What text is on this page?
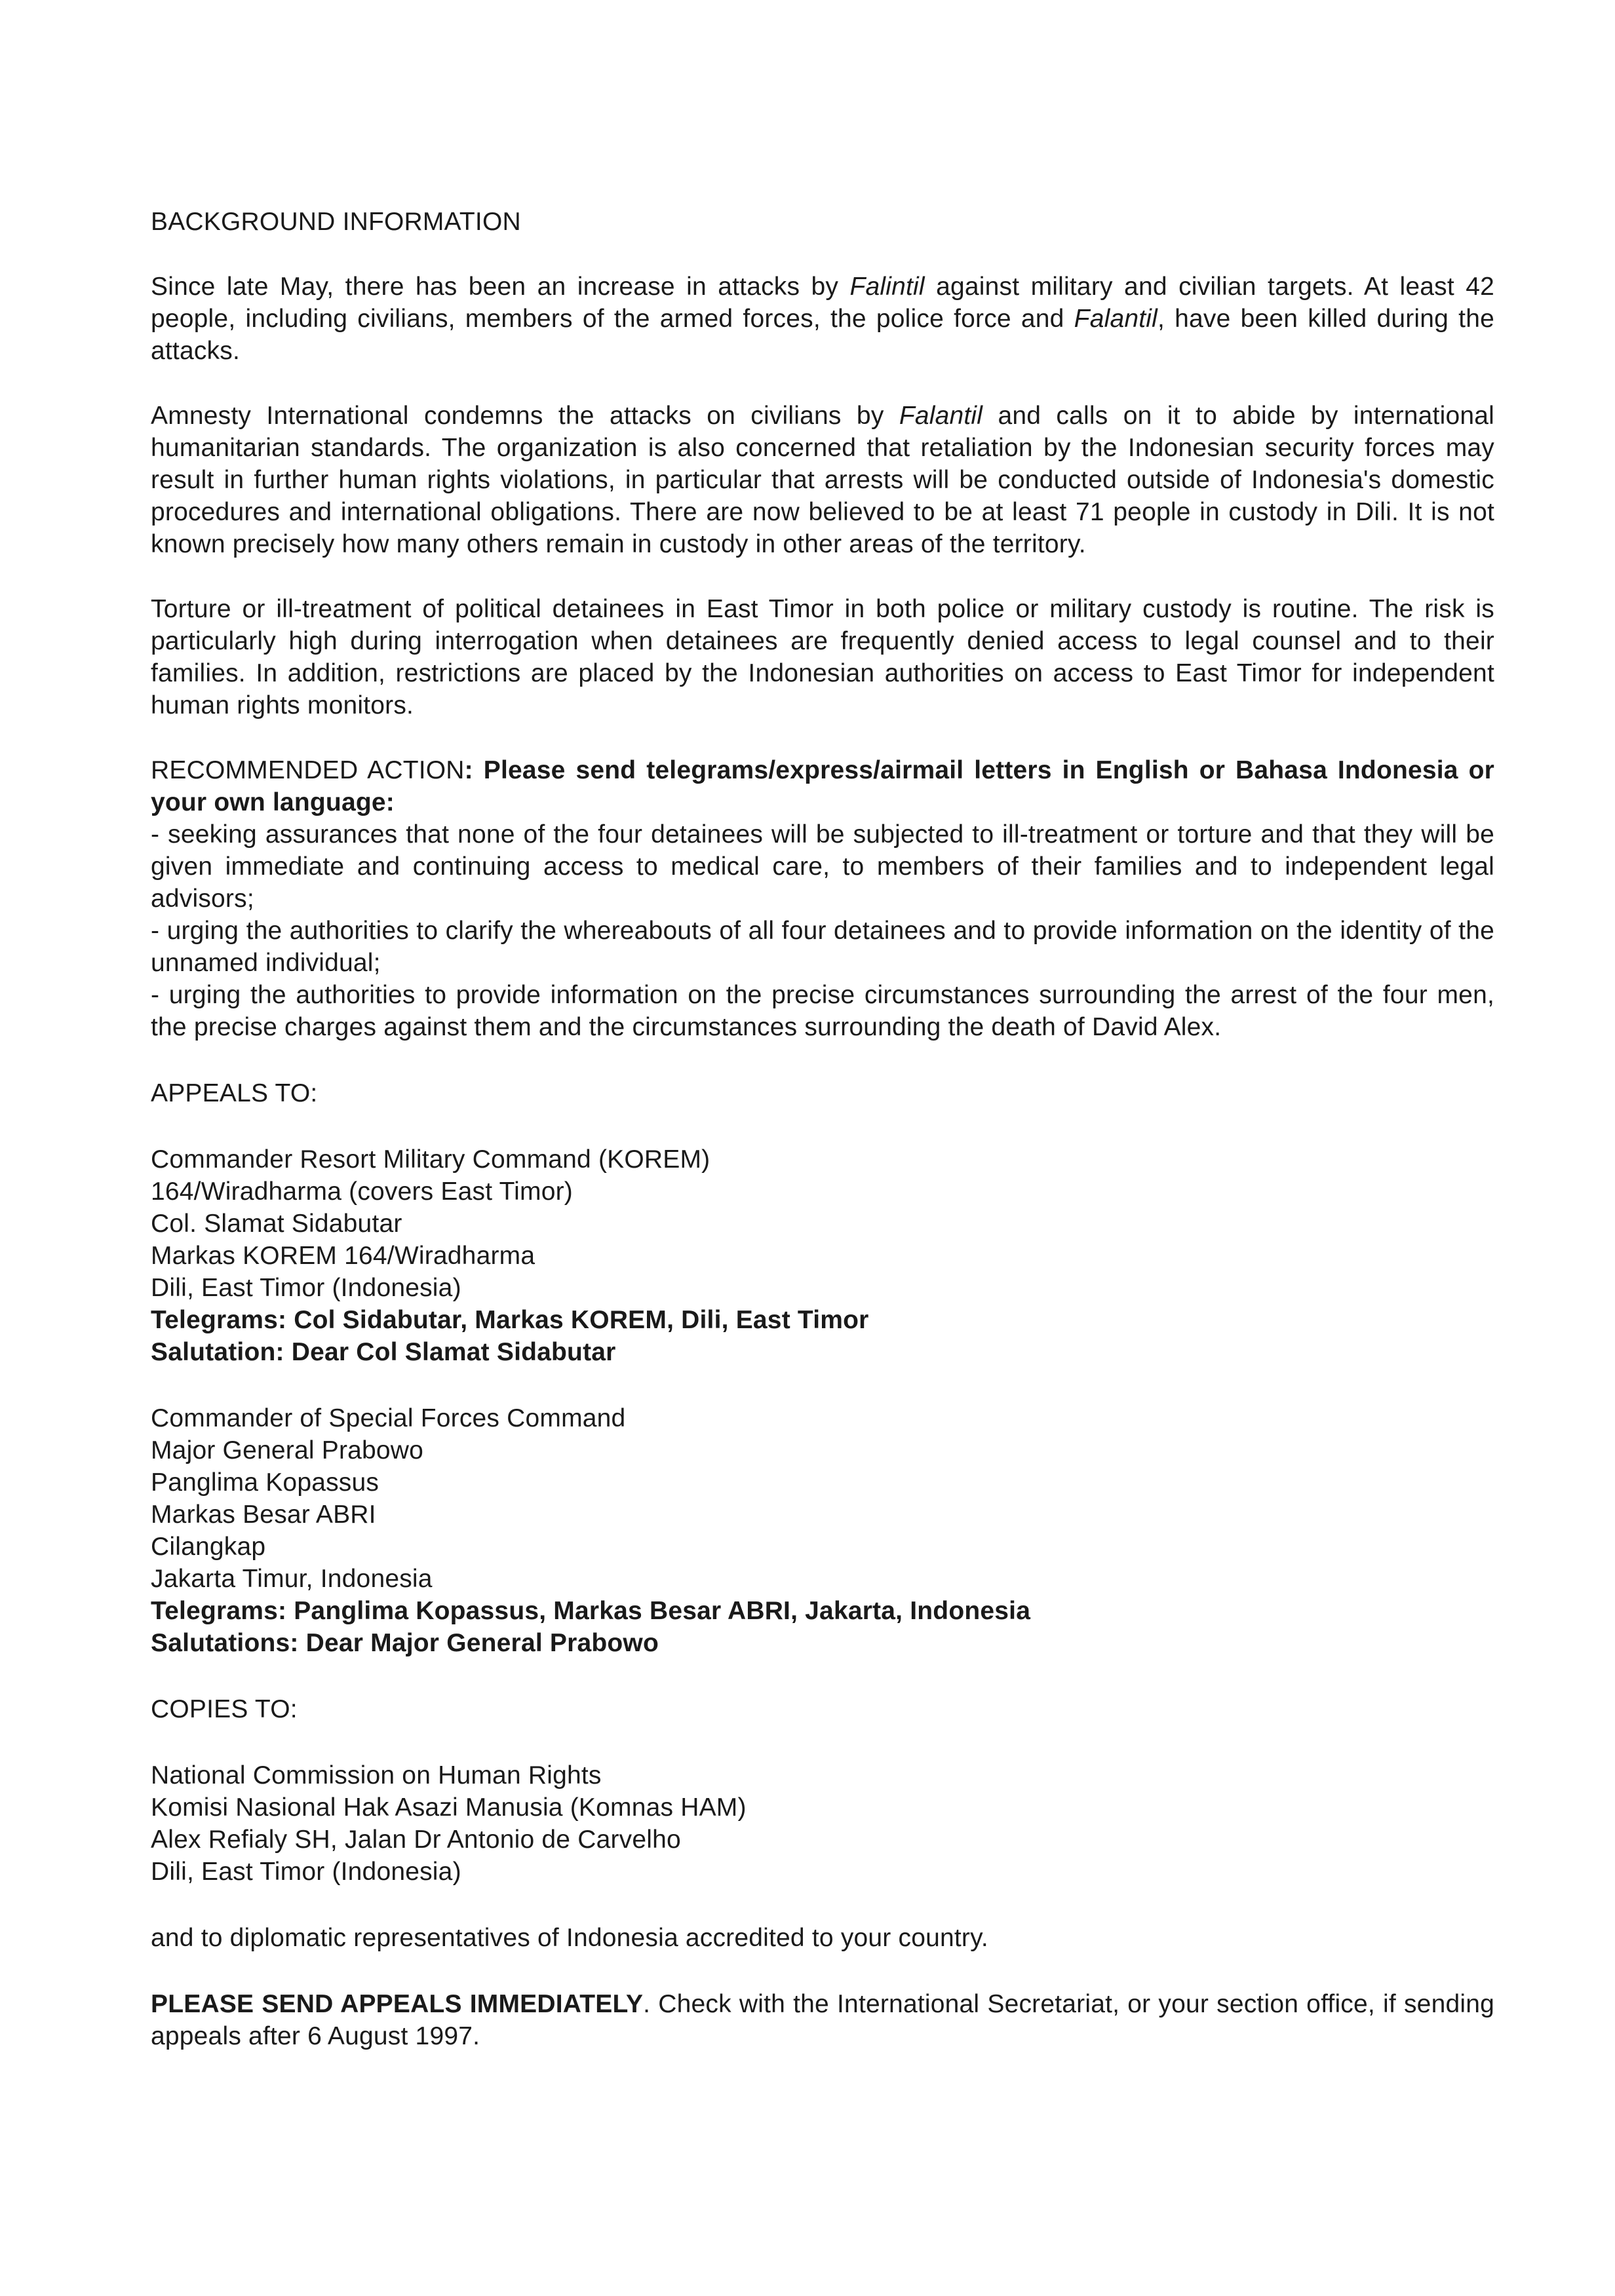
BACKGROUND INFORMATION

Since late May, there has been an increase in attacks by Falintil against military and civilian targets. At least 42 people, including civilians, members of the armed forces, the police force and Falantil, have been killed during the attacks.

Amnesty International condemns the attacks on civilians by Falantil and calls on it to abide by international humanitarian standards. The organization is also concerned that retaliation by the Indonesian security forces may result in further human rights violations, in particular that arrests will be conducted outside of Indonesia's domestic procedures and international obligations. There are now believed to be at least 71 people in custody in Dili. It is not known precisely how many others remain in custody in other areas of the territory.

Torture or ill-treatment of political detainees in East Timor in both police or military custody is routine. The risk is particularly high during interrogation when detainees are frequently denied access to legal counsel and to their families. In addition, restrictions are placed by the Indonesian authorities on access to East Timor for independent human rights monitors.

RECOMMENDED ACTION: Please send telegrams/express/airmail letters in English or Bahasa Indonesia or your own language:
- seeking assurances that none of the four detainees will be subjected to ill-treatment or torture and that they will be given immediate and continuing access to medical care, to members of their families and to independent legal advisors;
- urging the authorities to clarify the whereabouts of all four detainees and to provide information on the identity of the unnamed individual;
- urging the authorities to provide information on the precise circumstances surrounding the arrest of the four men, the precise charges against them and the circumstances surrounding the death of David Alex.

APPEALS TO:
Commander Resort Military Command (KOREM)
164/Wiradharma (covers East Timor)
Col. Slamat Sidabutar
Markas KOREM 164/Wiradharma
Dili, East Timor (Indonesia)
Telegrams: Col Sidabutar, Markas KOREM, Dili, East Timor
Salutation: Dear Col Slamat Sidabutar
Commander of Special Forces Command
Major General Prabowo
Panglima Kopassus
Markas Besar ABRI
Cilangkap
Jakarta Timur, Indonesia
Telegrams: Panglima Kopassus, Markas Besar ABRI, Jakarta, Indonesia
Salutations: Dear Major General Prabowo
COPIES TO:
National Commission on Human Rights
Komisi Nasional Hak Asazi Manusia (Komnas HAM)
Alex Refialy SH, Jalan Dr Antonio de Carvelho
Dili, East Timor (Indonesia)

and to diplomatic representatives of Indonesia accredited to your country.

PLEASE SEND APPEALS IMMEDIATELY. Check with the International Secretariat, or your section office, if sending appeals after 6 August 1997.
